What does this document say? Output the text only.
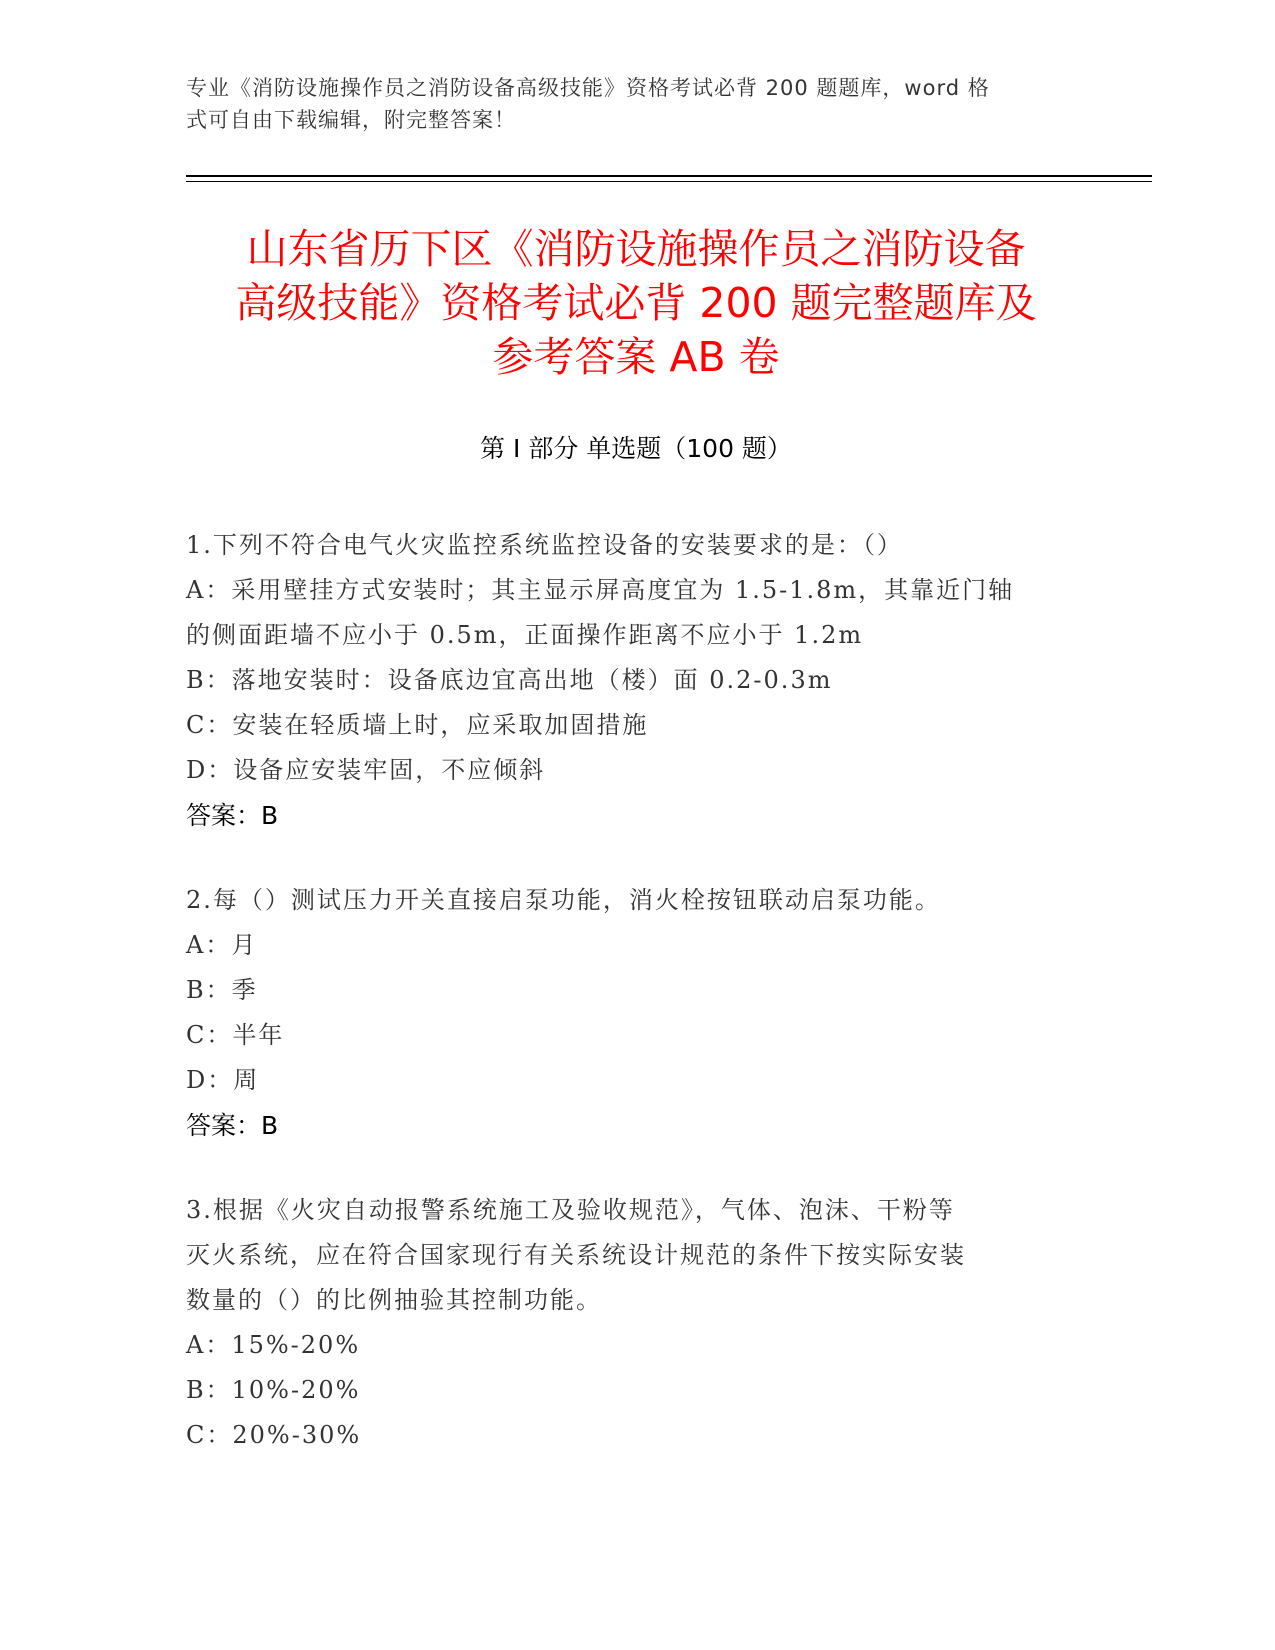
专业《消防设施操作员之消防设备高级技能》资格考试必背 200 题题库，word 格
式可自由下载编辑，附完整答案！
山东省历下区《消防设施操作员之消防设备
高级技能》资格考试必背 200 题完整题库及
参考答案 AB 卷
第 I 部分 单选题（100 题）

1.下列不符合电气火灾监控系统监控设备的安装要求的是：（）

A：采用壁挂方式安装时；其主显示屏高度宜为 1.5-1.8m，其靠近门轴

的侧面距墙不应小于 0.5m，正面操作距离不应小于 1.2m

B：落地安装时：设备底边宜高出地（楼）面 0.2-0.3m

C：安装在轻质墙上时，应采取加固措施

D：设备应安装牢固，不应倾斜

答案：B

2.每（）测试压力开关直接启泵功能，消火栓按钮联动启泵功能。

A：月

B：季

C：半年

D：周

答案：B

3.根据《火灾自动报警系统施工及验收规范》，气体、泡沫、干粉等

灭火系统，应在符合国家现行有关系统设计规范的条件下按实际安装

数量的（）的比例抽验其控制功能。

A：15%-20%

B：10%-20%

C：20%-30%
